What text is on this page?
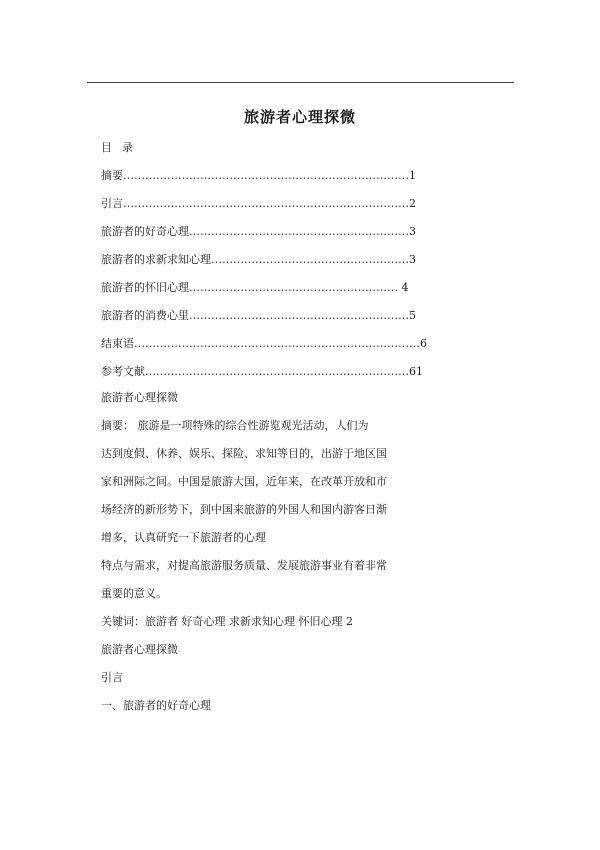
旅游者心理探微
目 录
摘要……………………………………………………………………1
引言……………………………………………………………………2
旅游者的好奇心理……………………………………………………3
旅游者的求新求知心理………………………………………………3
旅游者的怀旧心理………………………………………………… 4
旅游者的消费心里……………………………………………………5
结束语……………………………………………………………………6
参考文献………………………………………………………………61
旅游者心理探微
摘要： 旅游是一项特殊的综合性游览观光活动，人们为
达到度假、休养、娱乐、探险、求知等目的，出游于地区国
家和洲际之间。中国是旅游大国，近年来，在改革开放和市
场经济的新形势下，到中国来旅游的外国人和国内游客日渐
增多，认真研究一下旅游者的心理
特点与需求，对提高旅游服务质量、发展旅游事业有着非常
重要的意义。
关键词：旅游者 好奇心理 求新求知心理 怀旧心理 2
旅游者心理探微
引言
一、旅游者的好奇心理
